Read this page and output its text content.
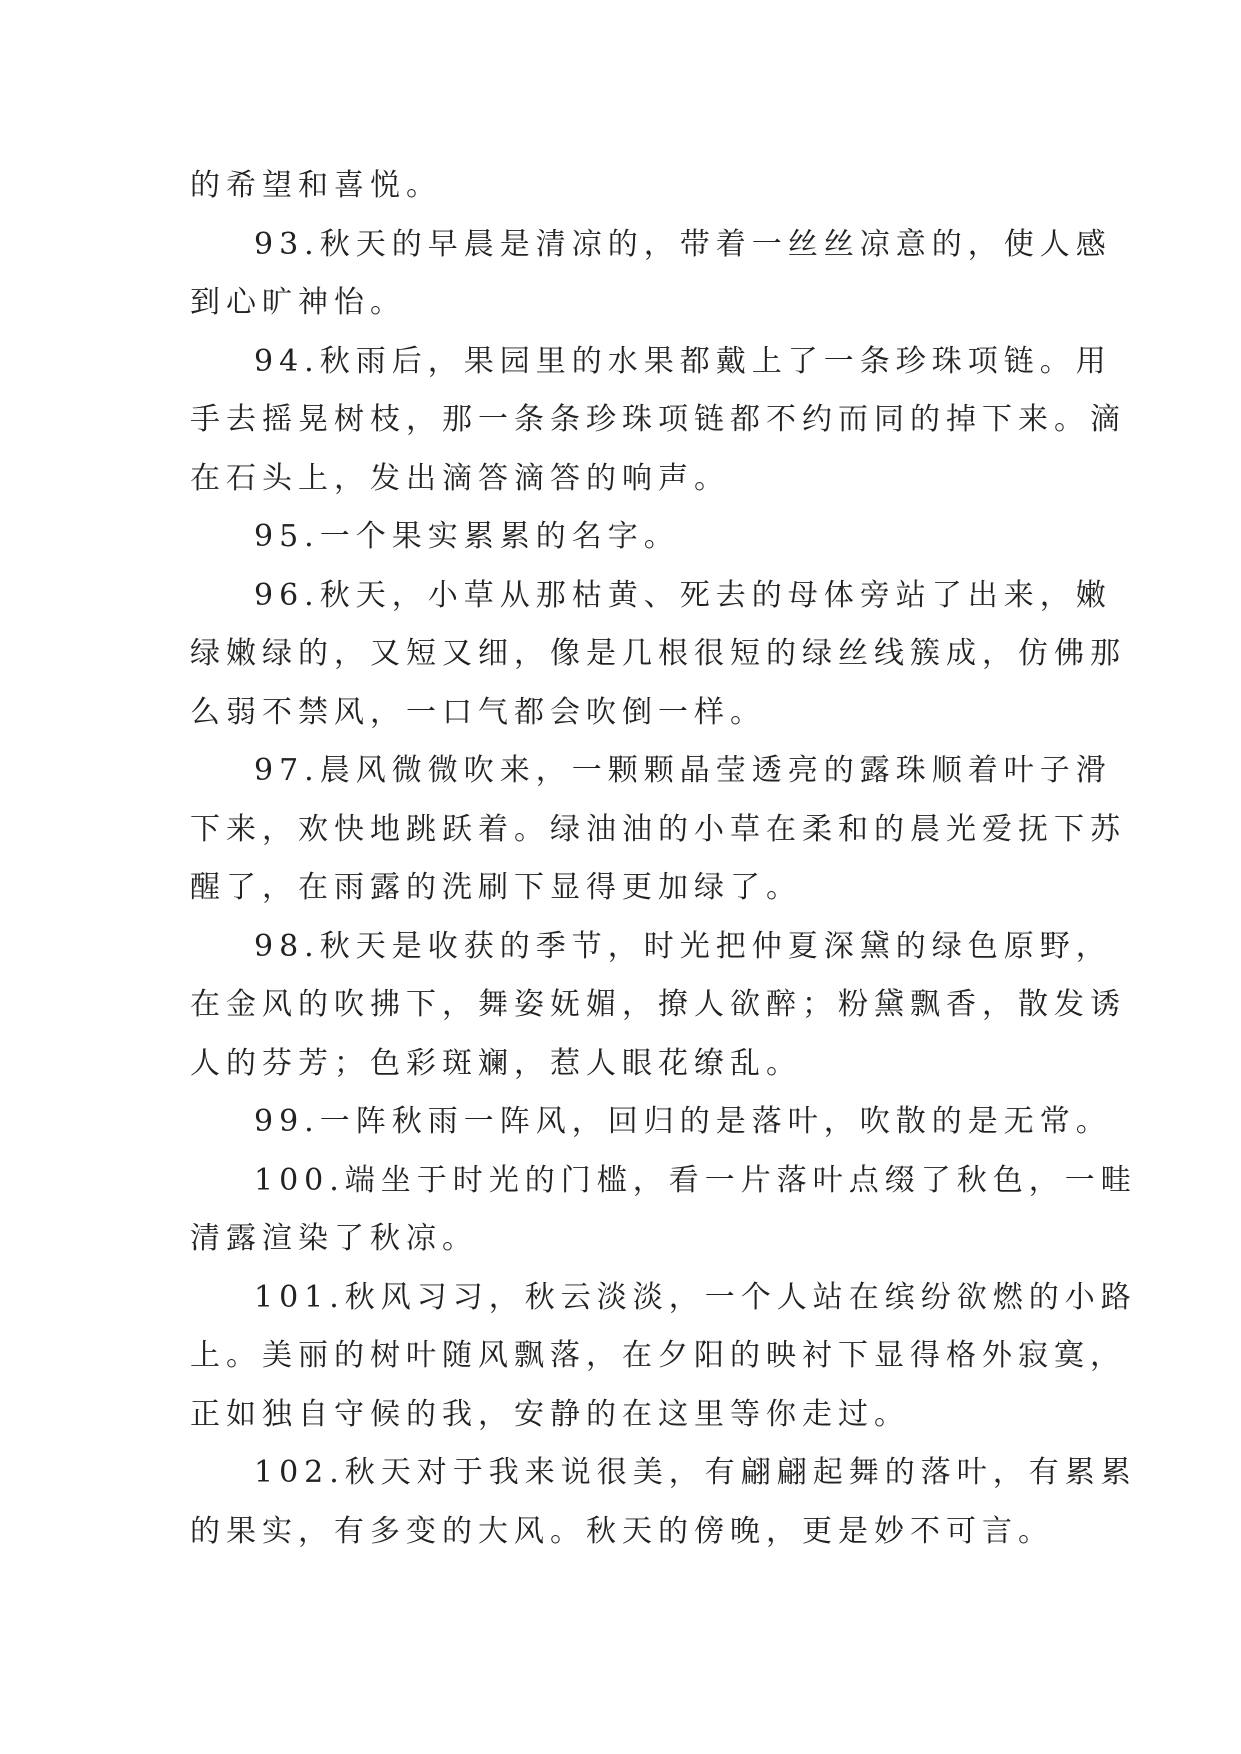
的希望和喜悦。
93.秋天的早晨是清凉的，带着一丝丝凉意的，使人感
到心旷神怡。
94.秋雨后，果园里的水果都戴上了一条珍珠项链。用
手去摇晃树枝，那一条条珍珠项链都不约而同的掉下来。滴
在石头上，发出滴答滴答的响声。
95.一个果实累累的名字。
96.秋天，小草从那枯黄、死去的母体旁站了出来，嫩
绿嫩绿的，又短又细，像是几根很短的绿丝线簇成，仿佛那
么弱不禁风，一口气都会吹倒一样。
97.晨风微微吹来，一颗颗晶莹透亮的露珠顺着叶子滑
下来，欢快地跳跃着。绿油油的小草在柔和的晨光爱抚下苏
醒了，在雨露的洗刷下显得更加绿了。
98.秋天是收获的季节，时光把仲夏深黛的绿色原野，
在金风的吹拂下，舞姿妩媚，撩人欲醉；粉黛飘香，散发诱
人的芬芳；色彩斑斓，惹人眼花缭乱。
99.一阵秋雨一阵风，回归的是落叶，吹散的是无常。
100.端坐于时光的门槛，看一片落叶点缀了秋色，一畦
清露渲染了秋凉。
101.秋风习习，秋云淡淡，一个人站在缤纷欲燃的小路
上。美丽的树叶随风飘落，在夕阳的映衬下显得格外寂寞，
正如独自守候的我，安静的在这里等你走过。
102.秋天对于我来说很美，有翩翩起舞的落叶，有累累
的果实，有多变的大风。秋天的傍晚，更是妙不可言。
